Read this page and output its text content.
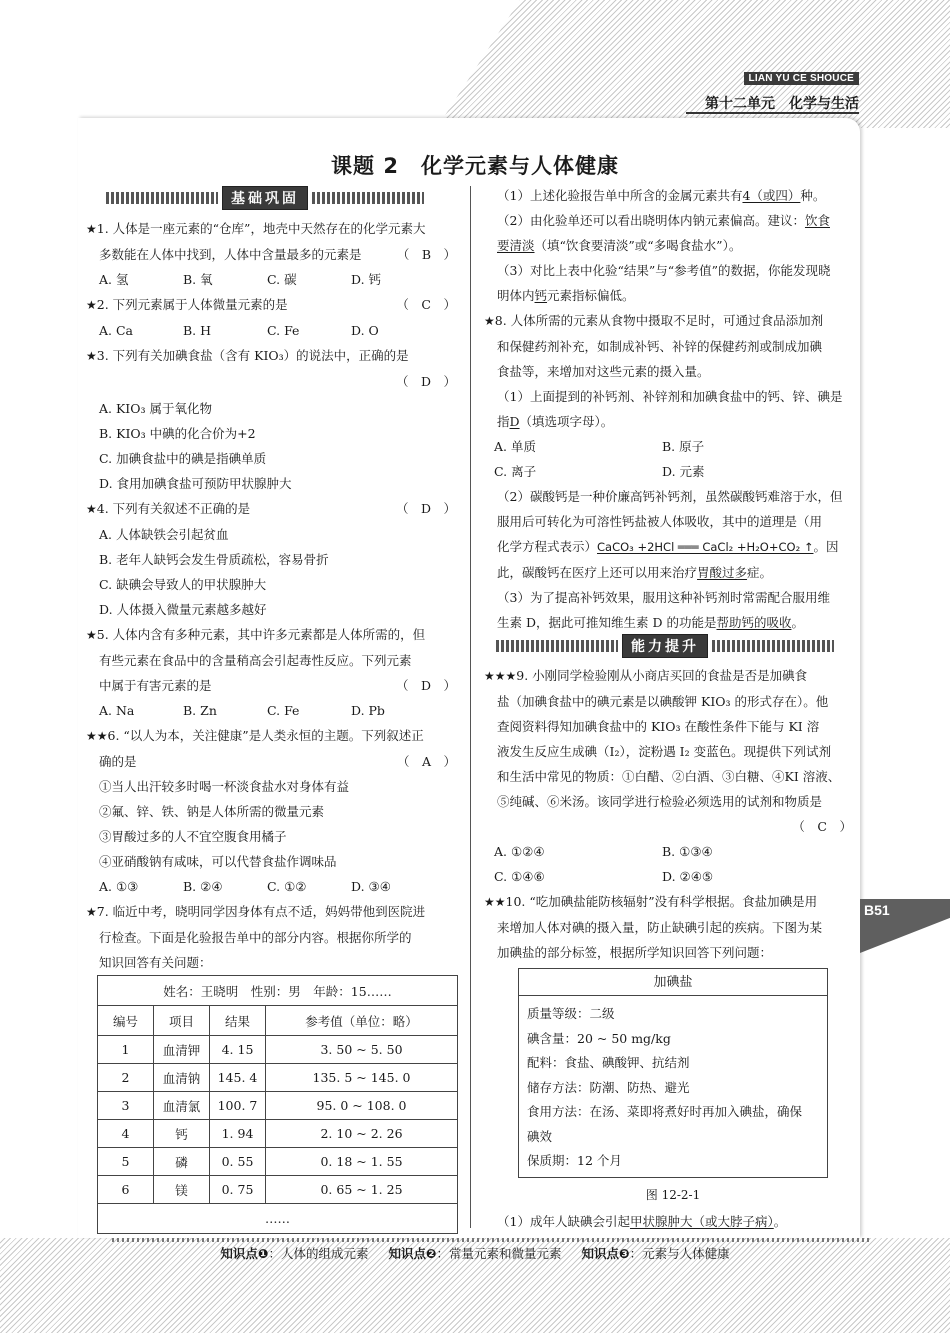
LIAN YU CE SHOUCE
第十二单元　化学与生活
课题 2　化学元素与人体健康
基础巩固
能力提升
★1. 人体是一座元素的“仓库”，地壳中天然存在的化学元素大
多数能在人体中找到，人体中含量最多的元素是	（　B　）
A. 氢	B. 氧	C. 碳	D. 钙
★2. 下列元素属于人体微量元素的是	（　C　）
A. Ca	B. H	C. Fe	D. O
★3. 下列有关加碘食盐（含有 KIO₃）的说法中，正确的是
（　D　）
A. KIO₃ 属于氧化物
B. KIO₃ 中碘的化合价为+2
C. 加碘食盐中的碘是指碘单质
D. 食用加碘食盐可预防甲状腺肿大
★4. 下列有关叙述不正确的是	（　D　）
A. 人体缺铁会引起贫血
B. 老年人缺钙会发生骨质疏松，容易骨折
C. 缺碘会导致人的甲状腺肿大
D. 人体摄入微量元素越多越好
★5. 人体内含有多种元素，其中许多元素都是人体所需的，但
有些元素在食品中的含量稍高会引起毒性反应。下列元素
中属于有害元素的是	（　D　）
A. Na	B. Zn	C. Fe	D. Pb
★★6. “以人为本，关注健康”是人类永恒的主题。下列叙述正
确的是	（　A　）
①当人出汗较多时喝一杯淡食盐水对身体有益
②氟、锌、铁、钠是人体所需的微量元素
③胃酸过多的人不宜空腹食用橘子
④亚硝酸钠有咸味，可以代替食盐作调味品
A. ①③	B. ②④	C. ①②	D. ③④
★7. 临近中考，晓明同学因身体有点不适，妈妈带他到医院进
行检查。下面是化验报告单中的部分内容。根据你所学的
知识回答有关问题：
姓名：王晓明　性别：男　年龄：15……			
编号	项目	结果	参考值（单位：略）
1	血清钾	4. 15	3. 50 ~ 5. 50
2	血清钠	145. 4	135. 5 ~ 145. 0
3	血清氯	100. 7	95. 0 ~ 108. 0
4	钙	1. 94	2. 10 ~ 2. 26
5	磷	0. 55	0. 18 ~ 1. 55
6	镁	0. 75	0. 65 ~ 1. 25
……			
（1）上述化验报告单中所含的金属元素共有4（或四）种。
（2）由化验单还可以看出晓明体内钠元素偏高。建议：饮食
要清淡（填“饮食要清淡”或“多喝食盐水”）。
（3）对比上表中化验“结果”与“参考值”的数据，你能发现晓
明体内钙元素指标偏低。
★8. 人体所需的元素从食物中摄取不足时，可通过食品添加剂
和保健药剂补充，如制成补钙、补锌的保健药剂或制成加碘
食盐等，来增加对这些元素的摄入量。
（1）上面提到的补钙剂、补锌剂和加碘食盐中的钙、锌、碘是
指D（填选项字母）。
A. 单质	B. 原子
C. 离子	D. 元素
（2）碳酸钙是一种价廉高钙补钙剂，虽然碳酸钙难溶于水，但
服用后可转化为可溶性钙盐被人体吸收，其中的道理是（用
化学方程式表示）CaCO₃ +2HCl ═══ CaCl₂ +H₂O+CO₂ ↑。因
此，碳酸钙在医疗上还可以用来治疗胃酸过多症。
（3）为了提高补钙效果，服用这种补钙剂时常需配合服用维
生素 D，据此可推知维生素 D 的功能是帮助钙的吸收。
★★★9. 小刚同学检验刚从小商店买回的食盐是否是加碘食
盐（加碘食盐中的碘元素是以碘酸钾 KIO₃ 的形式存在）。他
查阅资料得知加碘食盐中的 KIO₃ 在酸性条件下能与 KI 溶
液发生反应生成碘（I₂），淀粉遇 I₂ 变蓝色。现提供下列试剂
和生活中常见的物质：①白醋、②白酒、③白糖、④KI 溶液、
⑤纯碱、⑥米汤。该同学进行检验必须选用的试剂和物质是
（　C　）
A. ①②④	B. ①③④
C. ①④⑥	D. ②④⑤
★★10. “吃加碘盐能防核辐射”没有科学根据。食盐加碘是用
来增加人体对碘的摄入量，防止缺碘引起的疾病。下图为某
加碘盐的部分标签，根据所学知识回答下列问题：
加碘盐
质量等级：二级
碘含量：20 ~ 50 mg/kg
配料：食盐、碘酸钾、抗结剂
储存方法：防潮、防热、避光
食用方法：在汤、菜即将煮好时再加入碘盐，确保
碘效
保质期：12 个月
图 12-2-1
（1）成年人缺碘会引起甲状腺肿大（或大脖子病）。
B51
知识点❶：人体的组成元素 知识点❷：常量元素和微量元素 知识点❸：元素与人体健康
